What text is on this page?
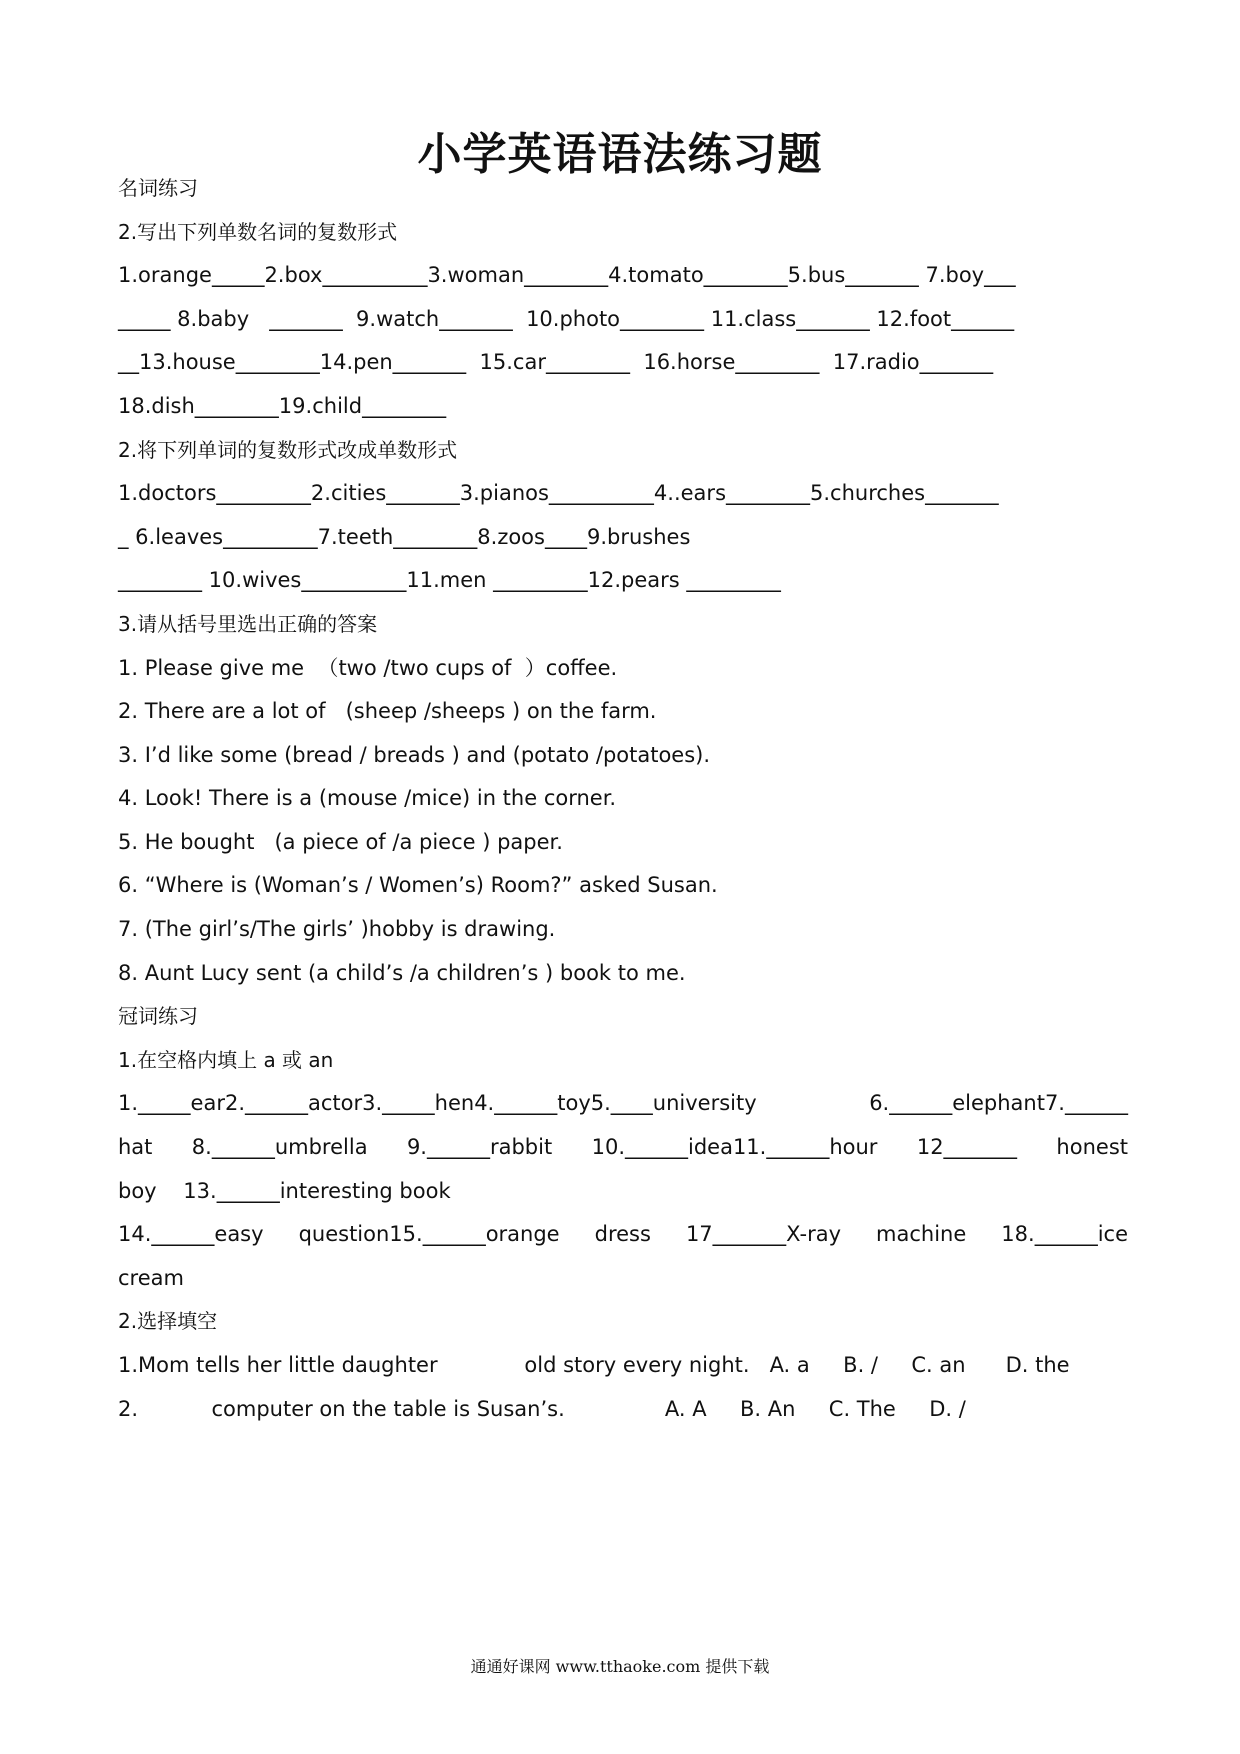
小学英语语法练习题
名词练习
2.写出下列单数名词的复数形式
1.orange_____2.box__________3.woman________4.tomato________5.bus_______ 7.boy___
_____ 8.baby   _______  9.watch_______  10.photo________ 11.class_______ 12.foot______
__13.house________14.pen_______  15.car________  16.horse________  17.radio_______
18.dish________19.child________
2.将下列单词的复数形式改成单数形式
1.doctors_________2.cities_______3.pianos__________4..ears________5.churches_______
_ 6.leaves_________7.teeth________8.zoos____9.brushes
________ 10.wives__________11.men _________12.pears _________
3.请从括号里选出正确的答案
1. Please give me  （two /two cups of  ）coffee.
2. There are a lot of   (sheep /sheeps ) on the farm.
3. I’d like some (bread / breads ) and (potato /potatoes).
4. Look! There is a (mouse /mice) in the corner.
5. He bought   (a piece of /a piece ) paper.
6. “Where is (Woman’s / Women’s) Room?” asked Susan.
7. (The girl’s/The girls’ )hobby is drawing.
8. Aunt Lucy sent (a child’s /a children’s ) book to me.
冠词练习
1.在空格内填上 a 或 an
1._____ear2.______actor3._____hen4.______toy5.____university 6.______elephant7.______
hat 8.______umbrella 9.______rabbit 10.______idea11.______hour 12_______ honest
boy    13.______interesting book
14.______easy question15.______orange dress 17_______X-ray machine 18.______ice
cream
2.选择填空
1.Mom tells her little daughter             old story every night.   A. a     B. /     C. an      D. the
2.           computer on the table is Susan’s.               A. A     B. An     C. The     D. /
通通好课网 www.tthaoke.com 提供下载
